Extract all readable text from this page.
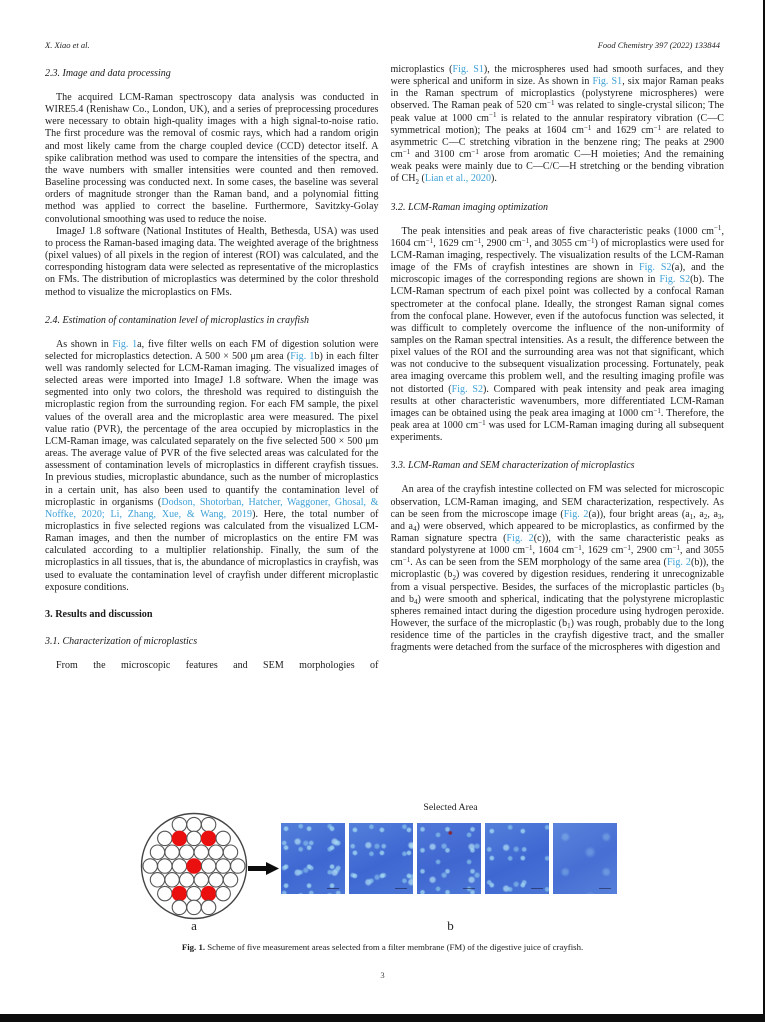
X. Xiao et al.	Food Chemistry 397 (2022) 133844
2.3. Image and data processing

The acquired LCM-Raman spectroscopy data analysis was conducted in WIRE5.4 (Renishaw Co., London, UK), and a series of preprocessing procedures were necessary to obtain high-quality images with a high signal-to-noise ratio. The first procedure was the removal of cosmic rays, which had a random origin and most likely came from the charge coupled device (CCD) detector itself. A spike calibration method was used to compare the intensities of the spectra, and the wave numbers with smaller intensities were counted and then removed. Baseline processing was conducted next. In some cases, the baseline was several orders of magnitude stronger than the Raman band, and a polynomial fitting method was applied to correct the baseline. Furthermore, Savitzky-Golay convolutional smoothing was used to reduce the noise.

ImageJ 1.8 software (National Institutes of Health, Bethesda, USA) was used to process the Raman-based imaging data. The weighted average of the brightness (pixel values) of all pixels in the region of interest (ROI) was calculated, and the corresponding histogram data were selected as representative of the microplastics on FMs. The distribution of microplastics was determined by the color threshold method to visualize the microplastics on FMs.

2.4. Estimation of contamination level of microplastics in crayfish

As shown in Fig. 1a, five filter wells on each FM of digestion solution were selected for microplastics detection. A 500 × 500 μm area (Fig. 1b) in each filter well was randomly selected for LCM-Raman imaging. The visualized images of selected areas were imported into ImageJ 1.8 software. When the image was segmented into only two colors, the threshold was required to distinguish the microplastic region from the surrounding region. For each FM sample, the pixel values of the overall area and the microplastic area were measured. The pixel value ratio (PVR), the percentage of the area occupied by microplastics in the LCM-Raman image, was calculated separately on the five selected 500 × 500 μm areas. The average value of PVR of the five selected areas was calculated for the assessment of contamination levels of microplastics in different crayfish tissues. In previous studies, microplastic abundance, such as the number of microplastics in a certain unit, has also been used to quantify the contamination level of microplastic in organisms (Dodson, Shotorban, Hatcher, Waggoner, Ghosal, & Noffke, 2020; Li, Zhang, Xue, & Wang, 2019). Here, the total number of microplastics in five selected regions was calculated from the visualized LCM-Raman images, and then the number of microplastics on the entire FM was calculated according to a multiplier relationship. Finally, the sum of the microplastics in all tissues, that is, the abundance of microplastics in crayfish, was used to evaluate the contamination level of crayfish under different microplastic exposure conditions.

3. Results and discussion
3.1. Characterization of microplastics

From the microscopic features and SEM morphologies of

microplastics (Fig. S1), the microspheres used had smooth surfaces, and they were spherical and uniform in size. As shown in Fig. S1, six major Raman peaks in the Raman spectrum of microplastics (polystyrene microspheres) were observed. The Raman peak of 520 $cm^{-1}$ was related to single-crystal silicon; The peak value at 1000 $cm^{-1}$ is related to the annular respiratory vibration (C—C symmetrical motion); The peaks at 1604 $cm^{-1}$ and 1629 $cm^{-1}$ are related to asymmetric C—C stretching vibration in the benzene ring; The peaks at 2900 $cm^{-1}$ and 3100 $cm^{-1}$ arose from aromatic C—H moieties; And the remaining weak peaks were mainly due to C—C/C—H stretching or the bending vibration of $CH_2$ (Lian et al., 2020).

3.2. LCM-Raman imaging optimization

The peak intensities and peak areas of five characteristic peaks (1000 $cm^{-1}$, 1604 $cm^{-1}$, 1629 $cm^{-1}$, 2900 $cm^{-1}$, and 3055 $cm^{-1}$) of microplastics were used for LCM-Raman imaging, respectively. The visualization results of the LCM-Raman image of the FMs of crayfish intestines are shown in Fig. S2(a), and the microscopic images of the corresponding regions are shown in Fig. S2(b). The LCM-Raman spectrum of each pixel point was collected by a confocal Raman spectrometer at the confocal plane. Ideally, the strongest Raman signal comes from the confocal plane. However, even if the autofocus function was selected, it was difficult to completely overcome the influence of the non-uniformity of samples on the Raman spectral intensities. As a result, the difference between the pixel values of the ROI and the surrounding area was not that significant, which was not conducive to the subsequent visualization processing. Fortunately, peak area imaging overcame this problem well, and the resulting imaging profile was not distorted (Fig. S2). Compared with peak intensity and peak area imaging results at other characteristic wavenumbers, more differentiated LCM-Raman images can be obtained using the peak area imaging at 1000 $cm^{-1}$. Therefore, the peak area at 1000 $cm^{-1}$ was used for LCM-Raman imaging during all subsequent experiments.

3.3. LCM-Raman and SEM characterization of microplastics

An area of the crayfish intestine collected on FM was selected for microscopic observation, LCM-Raman imaging, and SEM characterization, respectively. As can be seen from the microscope image (Fig. 2(a)), four bright areas ($a_1$, $a_2$, $a_3$, and $a_4$) were observed, which appeared to be microplastics, as confirmed by the Raman signature spectra (Fig. 2(c)), with the same characteristic peaks as standard polystyrene at 1000 $cm^{-1}$, 1604 $cm^{-1}$, 1629 $cm^{-1}$, 2900 $cm^{-1}$, and 3055 $cm^{-1}$. As can be seen from the SEM morphology of the same area (Fig. 2(b)), the microplastic $(b_2)$ was covered by digestion residues, rendering it unrecognizable from a visual perspective. Besides, the surfaces of the microplastic particles ($b_3$ and $b_4$) were smooth and spherical, indicating that the polystyrene microplastic spheres remained intact during the digestion procedure using hydrogen peroxide. However, the surface of the microplastic $(b_1)$ was rough, probably due to the long residence time of the particles in the crayfish digestive tract, and the smaller fragments were detached from the surface of the microspheres with digestion and

Selected Area
a	b
Fig. 1. Scheme of five measurement areas selected from a filter membrane (FM) of the digestive juice of crayfish.
3
